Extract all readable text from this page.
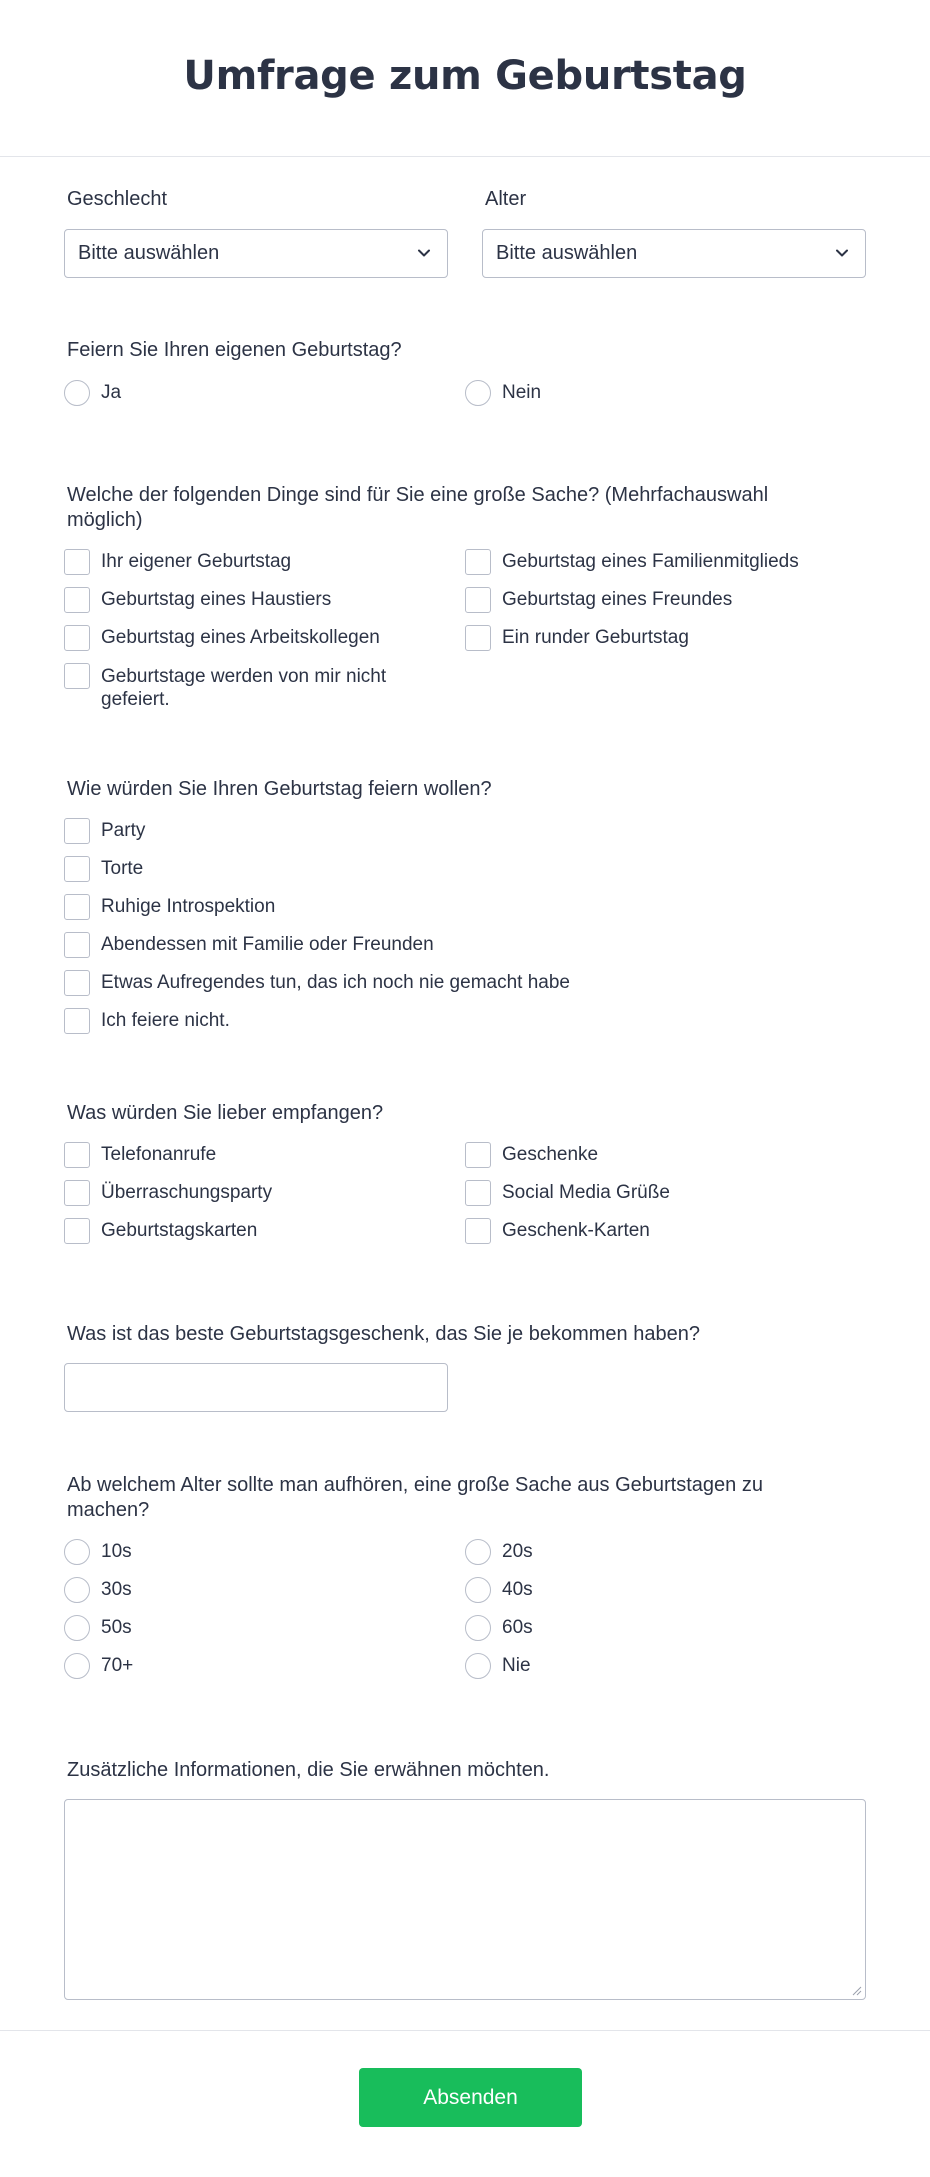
Umfrage zum Geburtstag
Geschlecht
Bitte auswählen
Alter
Bitte auswählen
Feiern Sie Ihren eigenen Geburtstag?
Ja	Nein
Welche der folgenden Dinge sind für Sie eine große Sache? (Mehrfachauswahl
möglich)
Ihr eigener Geburtstag	Geburtstag eines Familienmitglieds
Geburtstag eines Haustiers	Geburtstag eines Freundes
Geburtstag eines Arbeitskollegen	Ein runder Geburtstag
Geburtstage werden von mir nicht
gefeiert.
Wie würden Sie Ihren Geburtstag feiern wollen?
Party
Torte
Ruhige Introspektion
Abendessen mit Familie oder Freunden
Etwas Aufregendes tun, das ich noch nie gemacht habe
Ich feiere nicht.
Was würden Sie lieber empfangen?
Telefonanrufe	Geschenke
Überraschungsparty	Social Media Grüße
Geburtstagskarten	Geschenk-Karten
Was ist das beste Geburtstagsgeschenk, das Sie je bekommen haben?
Ab welchem Alter sollte man aufhören, eine große Sache aus Geburtstagen zu
machen?
10s	20s
30s	40s
50s	60s
70+	Nie
Zusätzliche Informationen, die Sie erwähnen möchten.
Absenden
